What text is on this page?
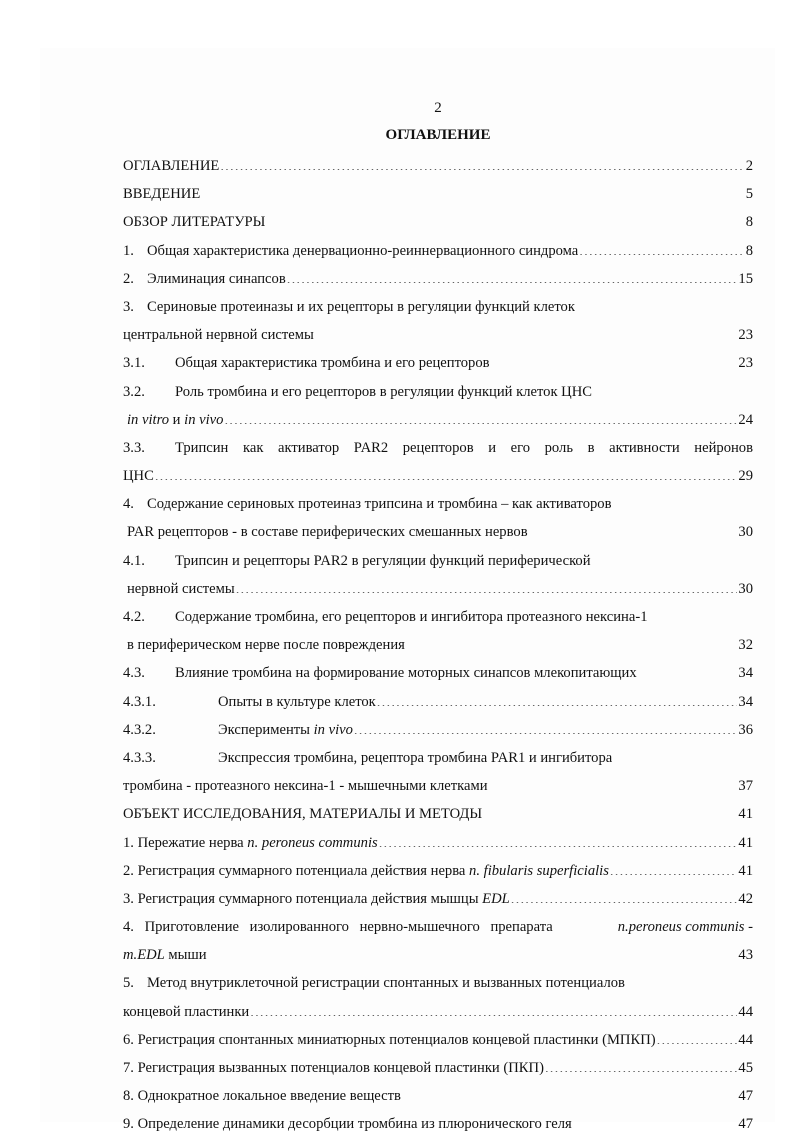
2
ОГЛАВЛЕНИЕ
ОГЛАВЛЕНИЕ .....	2
ВВЕДЕНИЕ .....	5
ОБЗОР ЛИТЕРАТУРЫ .....	8
1. Общая характеристика денервационно-реиннервационного синдрома .....	8
2. Элиминация синапсов .....	15
3. Сериновые протеиназы и их рецепторы в регуляции функций клеток
центральной нервной системы .....	23
3.1.	Общая характеристика тромбина и его рецепторов .....	23
3.2.	Роль тромбина и его рецепторов в регуляции функций клеток ЦНС
in vitro и in vivo .....	24
3.3.	Трипсин как активатор PAR2 рецепторов и его роль в активности нейронов
ЦНС .....	29
4. Содержание сериновых протеиназ трипсина и тромбина – как активаторов
PAR рецепторов - в составе периферических смешанных нервов .....	30
4.1.	Трипсин и рецепторы PAR2 в регуляции функций периферической
нервной системы .....	30
4.2.	Содержание тромбина, его рецепторов и ингибитора протеазного нексина-1
в периферическом нерве после повреждения .....	32
4.3.	Влияние тромбина на формирование моторных синапсов млекопитающих .....	34
4.3.1.	Опыты в культуре клеток .....	34
4.3.2.	Эксперименты in vivo .....	36
4.3.3.	Экспрессия тромбина, рецептора тромбина PAR1 и ингибитора
тромбина - протеазного нексина-1 - мышечными клетками .....	37
ОБЪЕКТ ИССЛЕДОВАНИЯ, МАТЕРИАЛЫ И МЕТОДЫ .....	41
1. Пережатие нерва n. peroneus communis .....	41
2. Регистрация суммарного потенциала действия нерва n. fibularis superficialis .....	41
3. Регистрация суммарного потенциала действия мышцы EDL .....	42
4. Приготовление изолированного нервно-мышечного препарата	n.peroneus communis -
m.EDL мыши .....	43
5. Метод внутриклеточной регистрации спонтанных и вызванных потенциалов
концевой пластинки .....	44
6. Регистрация спонтанных миниатюрных потенциалов концевой пластинки (МПКП) .....	44
7. Регистрация вызванных потенциалов концевой пластинки (ПКП) .....	45
8. Однократное локальное введение веществ .....	47
9. Определение динамики десорбции тромбина из плюронического геля .....	47
